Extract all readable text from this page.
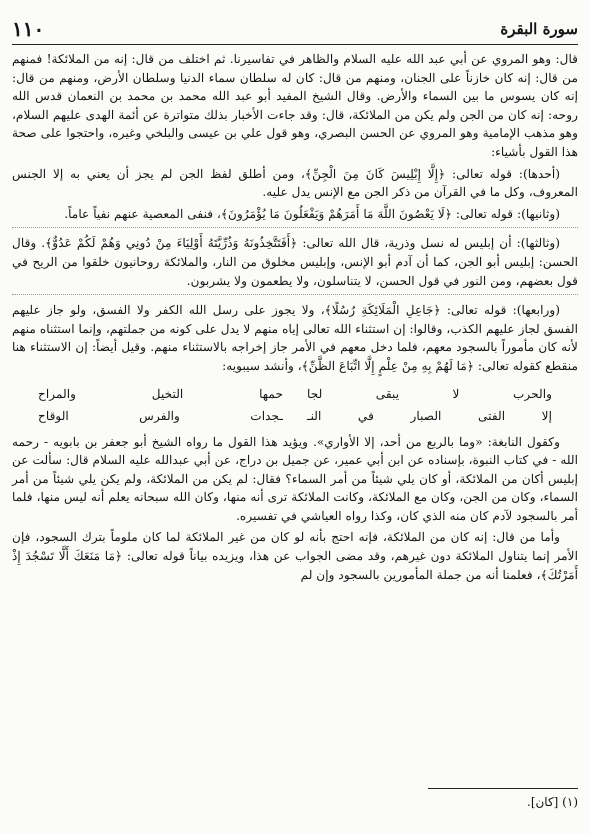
سورة البقرة
١١٠

قال: وهو المروي عن أبي عبد الله عليه السلام والظاهر في تفاسيرنا. ثم اختلف من قال: إنه من الملائكة! فمنهم من قال: إنه كان خازناً على الجنان، ومنهم من قال: كان له سلطان سماء الدنيا وسلطان الأرض، ومنهم من قال: إنه كان يسوس ما بين السماء والأرض. وقال الشيخ المفيد أبو عبد الله محمد بن محمد بن النعمان قدس الله روحه: إنه كان من الجن ولم يكن من الملائكة، قال: وقد جاءت الأخبار بذلك متواترة عن أئمة الهدى عليهم السلام، وهو مذهب الإمامية وهو المروي عن الحسن البصري، وهو قول علي بن عيسى والبلخي وغيره، واحتجوا على صحة هذا القول بأشياء:

(أحدها): قوله تعالى: ﴿إِلَّا إِبْلِيسَ كَانَ مِنَ الْجِنِّ﴾، ومن أطلق لفظ الجن لم يجز أن يعني به إلا الجنس المعروف، وكل ما في القرآن من ذكر الجن مع الإنس يدل عليه.

(وثانيها): قوله تعالى: ﴿لَا يَعْصُونَ اللَّهَ مَا أَمَرَهُمْ وَيَفْعَلُونَ مَا يُؤْمَرُونَ﴾، فنفى المعصية عنهم نفياً عاماً.

(وثالثها): أن إبليس له نسل وذرية، قال الله تعالى: ﴿أَفَتَتَّخِذُونَهُ وَذُرِّيَّتَهُ أَوْلِيَاءَ مِنْ دُونِي وَهُمْ لَكُمْ عَدُوٌّ﴾. وقال الحسن: إبليس أبو الجن، كما أن آدم أبو الإنس، وإبليس مخلوق من النار، والملائكة روحانيون خلقوا من الريح في قول بعضهم، ومن النور في قول الحسن، لا يتناسلون، ولا يطعمون ولا يشربون.

(ورابعها): قوله تعالى: ﴿جَاعِلِ الْمَلَائِكَةِ رُسُلًا﴾، ولا يجوز على رسل الله الكفر ولا الفسق، ولو جاز عليهم الفسق لجاز عليهم الكذب، وقالوا: إن استثناء الله تعالى إياه منهم لا يدل على كونه من جملتهم، وإنما استثناه منهم لأنه كان مأموراً بالسجود معهم، فلما دخل معهم في الأمر جاز إخراجه بالاستثناء منهم. وقيل أيضاً: إن الاستثناء هنا منقطع كقوله تعالى: ﴿مَا لَهُمْ بِهِ مِنْ عِلْمٍ إِلَّا اتِّبَاعَ الظَّنِّ﴾، وأنشد سيبويه:

والحرب لا يبقى لجا
حمها التخيل والمراح
إلا الفتى الصبار في النـ
ـجدات والفرس الوقاح

وكقول النابغة: «وما بالربع من أحد، إلا الأواري». ويؤيد هذا القول ما رواه الشيخ أبو جعفر بن بابويه - رحمه الله - في كتاب النبوة، بإسناده عن ابن أبي عمير، عن جميل بن دراج، عن أبي عبدالله عليه السلام قال: سألت عن إبليس أكان من الملائكة، أو كان يلي شيئاً من أمر السماء؟ فقال: لم يكن من الملائكة، ولم يكن يلي شيئاً من أمر السماء، وكان من الجن، وكان مع الملائكة، وكانت الملائكة ترى أنه منها، وكان الله سبحانه يعلم أنه ليس منها، فلما أمر بالسجود لآدم كان منه الذي كان، وكذا رواه العياشي في تفسيره.

وأما من قال: إنه كان من الملائكة، فإنه احتج بأنه لو كان من غير الملائكة لما كان ملوماً بترك السجود، فإن الأمر إنما يتناول الملائكة دون غيرهم، وقد مضى الجواب عن هذا، ويزيده بياناً قوله تعالى: ﴿مَا مَنَعَكَ أَلَّا تَسْجُدَ إِذْ أَمَرْتُكَ﴾، فعلمنا أنه من جملة المأمورين بالسجود وإن لم

(١) [كان].
